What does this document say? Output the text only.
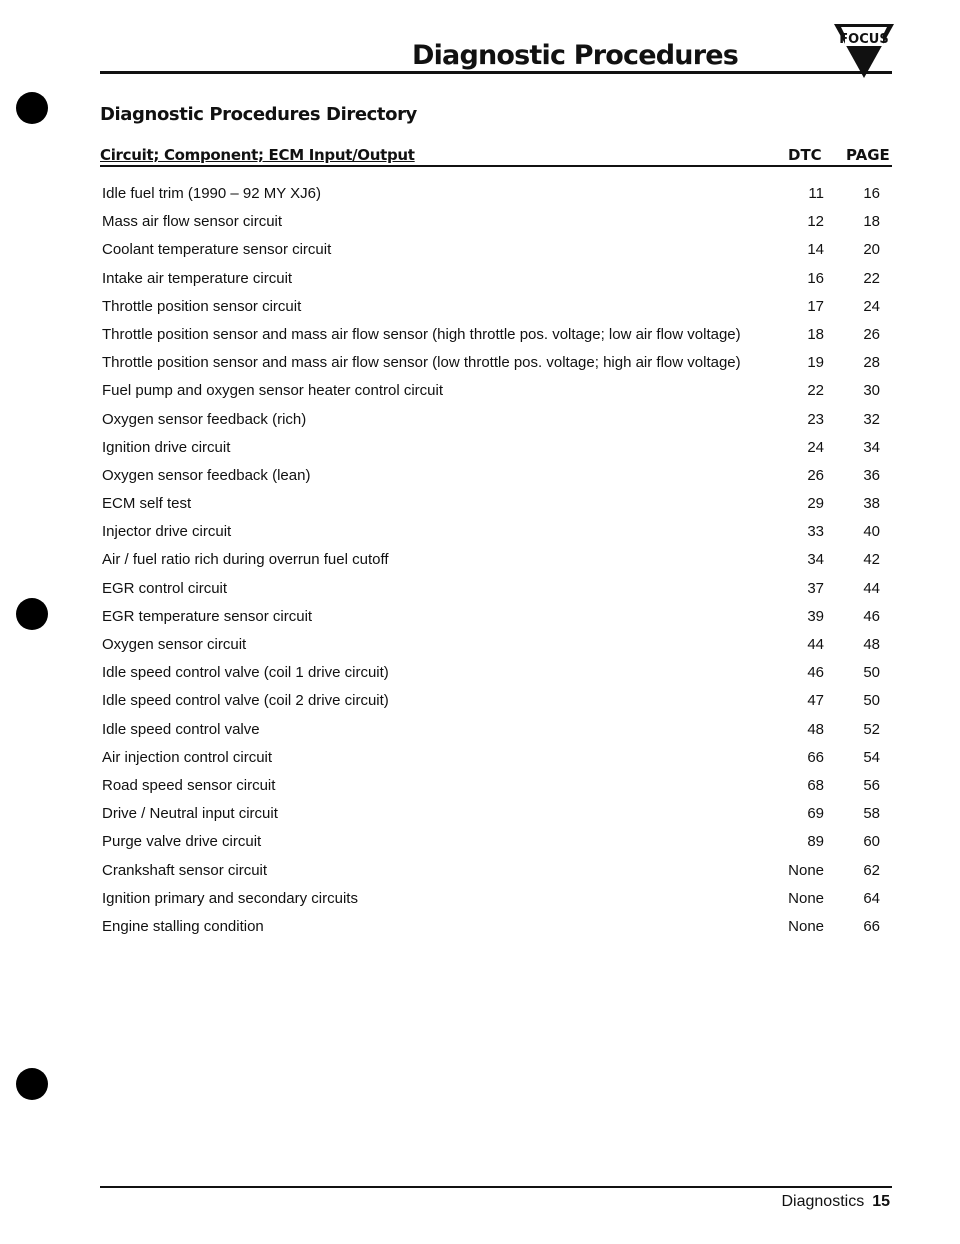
Diagnostic Procedures
FOCUS
Diagnostic Procedures Directory
Circuit; Component; ECM Input/Output	DTC PAGE
Idle fuel trim (1990 – 92 MY XJ6)	11	16
Mass air flow sensor circuit	12	18
Coolant temperature sensor circuit	14	20
Intake air temperature circuit	16	22
Throttle position sensor circuit	17	24
Throttle position sensor and mass air flow sensor (high throttle pos. voltage; low air flow voltage)	18	26
Throttle position sensor and mass air flow sensor (low throttle pos. voltage; high air flow voltage)	19	28
Fuel pump and oxygen sensor heater control circuit	22	30
Oxygen sensor feedback (rich)	23	32
Ignition drive circuit	24	34
Oxygen sensor feedback (lean)	26	36
ECM self test	29	38
Injector drive circuit	33	40
Air / fuel ratio rich during overrun fuel cutoff	34	42
EGR control circuit	37	44
EGR temperature sensor circuit	39	46
Oxygen sensor circuit	44	48
Idle speed control valve (coil 1 drive circuit)	46	50
Idle speed control valve (coil 2 drive circuit)	47	50
Idle speed control valve	48	52
Air injection control circuit	66	54
Road speed sensor circuit	68	56
Drive / Neutral input circuit	69	58
Purge valve drive circuit	89	60
Crankshaft sensor circuit	None	62
Ignition primary and secondary circuits	None	64
Engine stalling condition	None	66
Diagnostics 15
